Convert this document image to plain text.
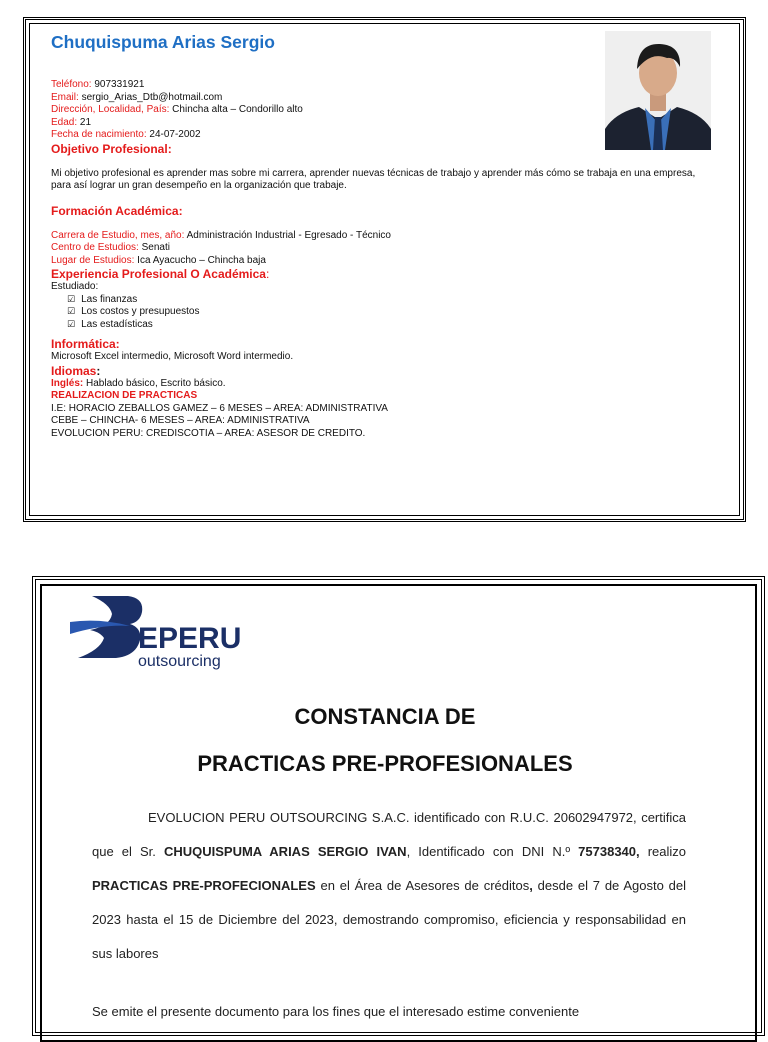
Chuquispuma Arias Sergio
Teléfono: 907331921
Email: sergio_Arias_Dtb@hotmail.com
Dirección, Localidad, País: Chincha alta – Condorillo alto
Edad: 21
Fecha de nacimiento: 24-07-2002
Objetivo Profesional:
Mi objetivo profesional es aprender mas sobre mi carrera, aprender nuevas técnicas de trabajo y aprender más cómo se trabaja en una empresa, para así lograr un gran desempeño en la organización que trabaje.
Formación Académica:
Carrera de Estudio, mes, año: Administración Industrial - Egresado - Técnico
Centro de Estudios: Senati
Lugar de Estudios: Ica Ayacucho – Chincha baja
Experiencia Profesional O Académica:
Estudiado:
☑ Las finanzas
☑ Los costos y presupuestos
☑ Las estadísticas
Informática:
Microsoft Excel intermedio, Microsoft Word intermedio.
Idiomas:
Inglés: Hablado básico, Escrito básico.
REALIZACION DE PRACTICAS
I.E: HORACIO ZEBALLOS GAMEZ – 6 MESES – AREA: ADMINISTRATIVA
CEBE – CHINCHA- 6 MESES – AREA: ADMINISTRATIVA
EVOLUCION PERU: CREDISCOTIA – AREA: ASESOR DE CREDITO.
EPERU
outsourcing
CONSTANCIA DE
PRACTICAS PRE-PROFESIONALES

EVOLUCION PERU OUTSOURCING S.A.C. identificado con R.U.C. 20602947972, certifica que el Sr. CHUQUISPUMA ARIAS SERGIO IVAN, Identificado con DNI N.º 75738340, realizo PRACTICAS PRE-PROFECIONALES en el Área de Asesores de créditos, desde el 7 de Agosto del 2023 hasta el 15 de Diciembre del 2023, demostrando compromiso, eficiencia y responsabilidad en sus labores

Se emite el presente documento para los fines que el interesado estime conveniente
